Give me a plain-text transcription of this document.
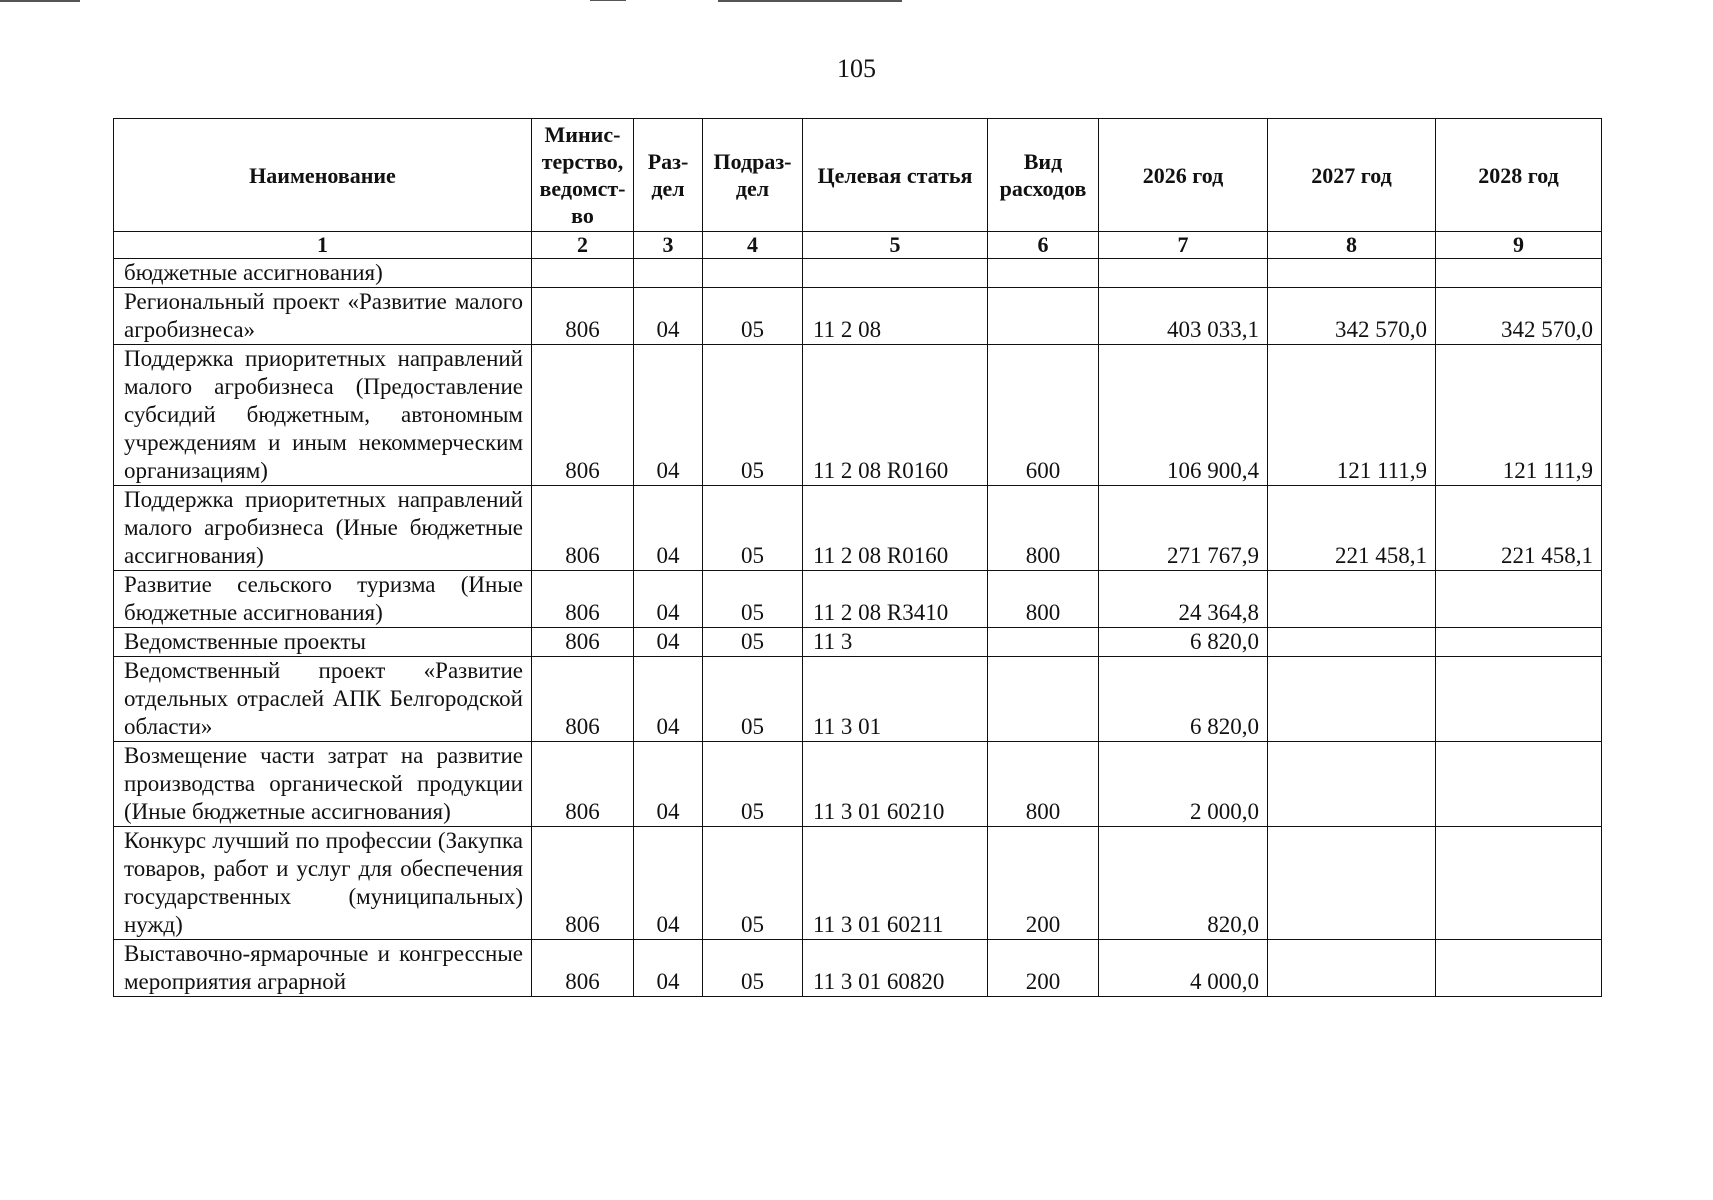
105
Наименование	Минис-терство, ведомст-во	Раз-дел	Подраз-дел	Целевая статья	Вид расходов	2026 год	2027 год	2028 год
1	2	3	4	5	6	7	8	9
бюджетные ассигнования)								
Региональный проект «Развитие малого агробизнеса»	806	04	05	11 2 08		403 033,1	342 570,0	342 570,0
Поддержка приоритетных направлений малого агробизнеса (Предоставление субсидий бюджетным, автономным учреждениям и иным некоммерческим организациям)	806	04	05	11 2 08 R0160	600	106 900,4	121 111,9	121 111,9
Поддержка приоритетных направлений малого агробизнеса (Иные бюджетные ассигнования)	806	04	05	11 2 08 R0160	800	271 767,9	221 458,1	221 458,1
Развитие сельского туризма (Иные бюджетные ассигнования)	806	04	05	11 2 08 R3410	800	24 364,8		
Ведомственные проекты	806	04	05	11 3		6 820,0		
Ведомственный проект «Развитие отдельных отраслей АПК Белгородской области»	806	04	05	11 3 01		6 820,0		
Возмещение части затрат на развитие производства органической продукции (Иные бюджетные ассигнования)	806	04	05	11 3 01 60210	800	2 000,0		
Конкурс лучший по профессии (Закупка товаров, работ и услуг для обеспечения государственных (муниципальных) нужд)	806	04	05	11 3 01 60211	200	820,0		
Выставочно-ярмарочные и конгрессные мероприятия аграрной	806	04	05	11 3 01 60820	200	4 000,0		
